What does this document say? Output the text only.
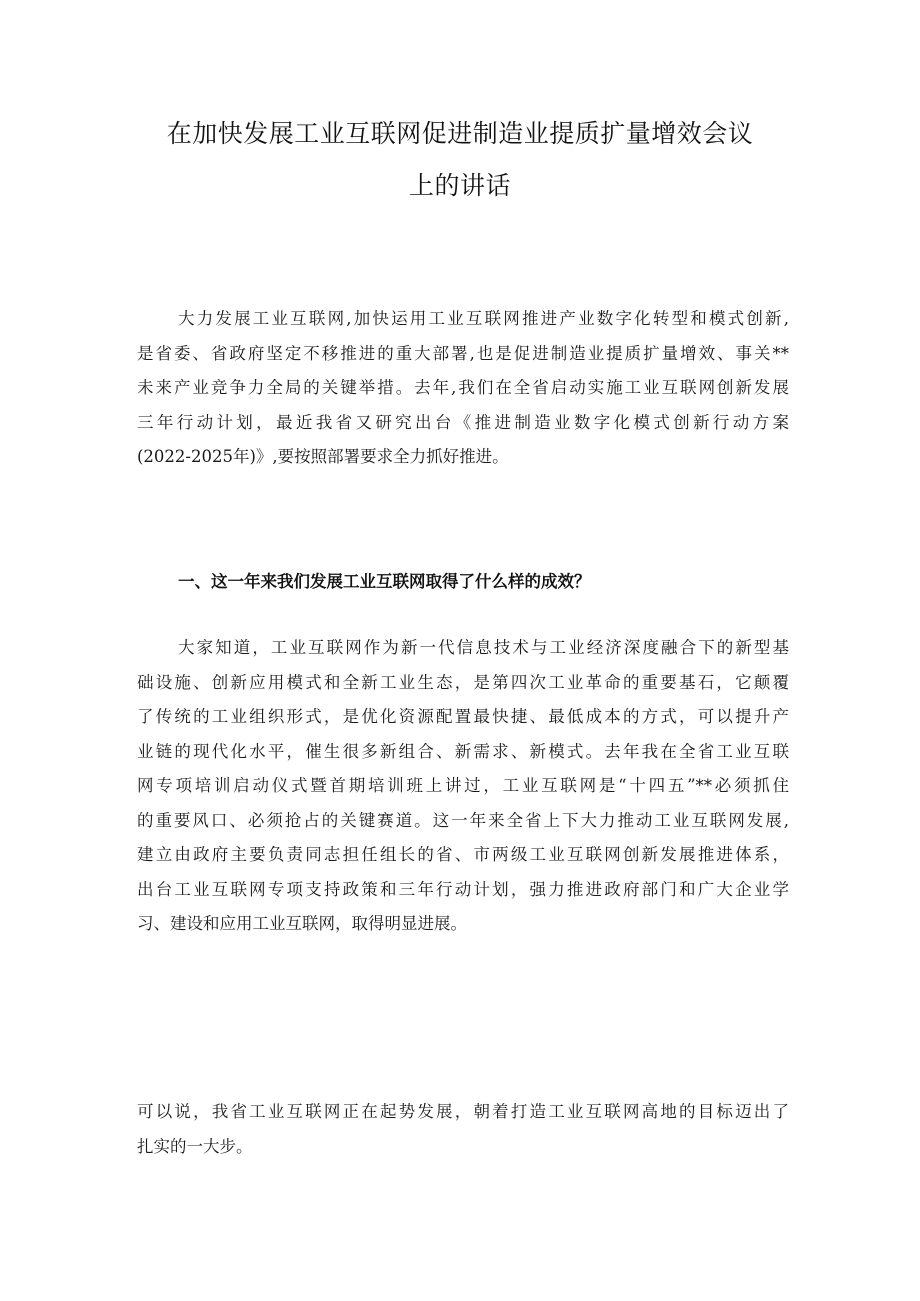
在加快发展工业互联网促进制造业提质扩量增效会议
上的讲话
大力发展工业互联网,加快运用工业互联网推进产业数字化转型和模式创新,
是省委、省政府坚定不移推进的重大部署,也是促进制造业提质扩量增效、事关**
未来产业竞争力全局的关键举措。去年,我们在全省启动实施工业互联网创新发展
三年行动计划，最近我省又研究出台《推进制造业数字化模式创新行动方案
(2022-2025年)》,要按照部署要求全力抓好推进。
一、这一年来我们发展工业互联网取得了什么样的成效？
大家知道，工业互联网作为新一代信息技术与工业经济深度融合下的新型基
础设施、创新应用模式和全新工业生态，是第四次工业革命的重要基石，它颠覆
了传统的工业组织形式，是优化资源配置最快捷、最低成本的方式，可以提升产
业链的现代化水平，催生很多新组合、新需求、新模式。去年我在全省工业互联
网专项培训启动仪式暨首期培训班上讲过，工业互联网是“十四五”**必须抓住
的重要风口、必须抢占的关键赛道。这一年来全省上下大力推动工业互联网发展,
建立由政府主要负责同志担任组长的省、市两级工业互联网创新发展推进体系，
出台工业互联网专项支持政策和三年行动计划，强力推进政府部门和广大企业学
习、建设和应用工业互联网，取得明显进展。
可以说，我省工业互联网正在起势发展，朝着打造工业互联网高地的目标迈出了
扎实的一大步。
